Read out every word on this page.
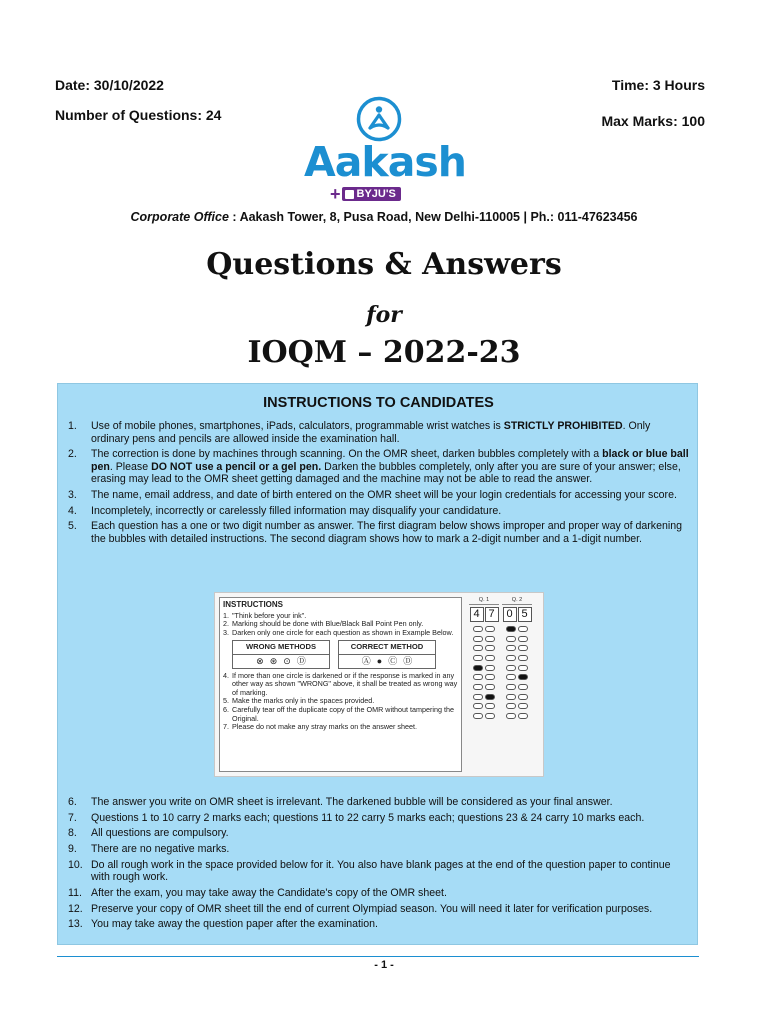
Date: 30/10/2022
Number of Questions: 24
Time: 3 Hours
Max Marks: 100
Aakash
+ BYJU'S
Corporate Office : Aakash Tower, 8, Pusa Road, New Delhi-110005 | Ph.: 011-47623456
Questions & Answers
for
IOQM – 2022-23
INSTRUCTIONS TO CANDIDATES
1. Use of mobile phones, smartphones, iPads, calculators, programmable wrist watches is STRICTLY PROHIBITED. Only ordinary pens and pencils are allowed inside the examination hall.
2. The correction is done by machines through scanning. On the OMR sheet, darken bubbles completely with a black or blue ball pen. Please DO NOT use a pencil or a gel pen. Darken the bubbles completely, only after you are sure of your answer; else, erasing may lead to the OMR sheet getting damaged and the machine may not be able to read the answer.
3. The name, email address, and date of birth entered on the OMR sheet will be your login credentials for accessing your score.
4. Incompletely, incorrectly or carelessly filled information may disqualify your candidature.
5. Each question has a one or two digit number as answer. The first diagram below shows improper and proper way of darkening the bubbles with detailed instructions. The second diagram shows how to mark a 2-digit number and a 1-digit number.
INSTRUCTIONS
1. "Think before your ink".
2. Marking should be done with Blue/Black Ball Point Pen only.
3. Darken only one circle for each question as shown in Example Below.
WRONG METHODS
⊗ ⊛ ⊙ Ⓓ
CORRECT METHOD
Ⓐ ● Ⓒ Ⓓ
4. If more than one circle is darkened or if the response is marked in any other way as shown "WRONG" above, it shall be treated as wrong way of marking.
5. Make the marks only in the spaces provided.
6. Carefully tear off the duplicate copy of the OMR without tampering the Original.
7. Please do not make any stray marks on the answer sheet.
Q. 1
4 7
Q. 2
0 5
6. The answer you write on OMR sheet is irrelevant. The darkened bubble will be considered as your final answer.
7. Questions 1 to 10 carry 2 marks each; questions 11 to 22 carry 5 marks each; questions 23 & 24 carry 10 marks each.
8. All questions are compulsory.
9. There are no negative marks.
10. Do all rough work in the space provided below for it. You also have blank pages at the end of the question paper to continue with rough work.
11. After the exam, you may take away the Candidate's copy of the OMR sheet.
12. Preserve your copy of OMR sheet till the end of current Olympiad season. You will need it later for verification purposes.
13. You may take away the question paper after the examination.
- 1 -
